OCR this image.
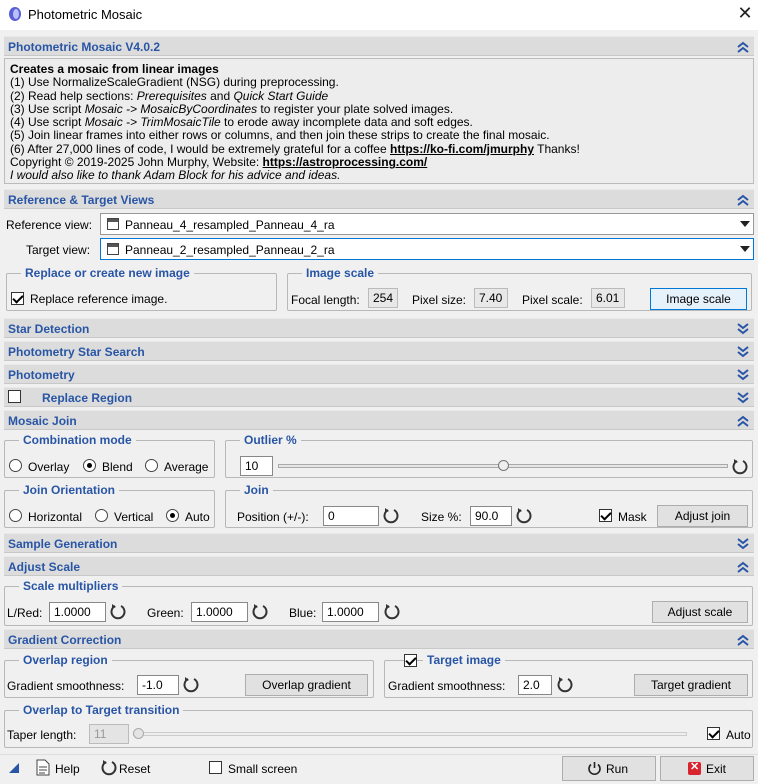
Photometric Mosaic	✕
Photometric Mosaic V4.0.2
Creates a mosaic from linear images
(1) Use NormalizeScaleGradient (NSG) during preprocessing.
(2) Read help sections: Prerequisites and Quick Start Guide
(3) Use script Mosaic -> MosaicByCoordinates to register your plate solved images.
(4) Use script Mosaic -> TrimMosaicTile to erode away incomplete data and soft edges.
(5) Join linear frames into either rows or columns, and then join these strips to create the final mosaic.
(6) After 27,000 lines of code, I would be extremely grateful for a coffee https://ko-fi.com/jmurphy Thanks!
Copyright © 2019-2025 John Murphy, Website: https://astroprocessing.com/
I would also like to thank Adam Block for his advice and ideas.
Reference & Target Views
Reference view:	Panneau_4_resampled_Panneau_4_ra
Target view:	Panneau_2_resampled_Panneau_2_ra
Replace or create new image
Replace reference image.
Image scale
Focal length:	254	Pixel size:	7.40	Pixel scale:	6.01	Image scale
Star Detection
Photometry Star Search
Photometry
Replace Region
Mosaic Join
Combination mode
Overlay	Blend	Average
Outlier %
10
Join Orientation
Horizontal	Vertical	Auto
Join
Position (+/-):	0	Size %:	90.0	Mask	Adjust join
Sample Generation
Adjust Scale
Scale multipliers
L/Red: 1.0000	Green:	1.0000	Blue: 1.0000	Adjust scale
Gradient Correction
Overlap region
Gradient smoothness:	-1.0	Overlap gradient
Target image
Gradient smoothness:	2.0	Target gradient
Overlap to Target transition
Taper length:	11	Auto
Help	Reset	Small screen	Run	✕ Exit
